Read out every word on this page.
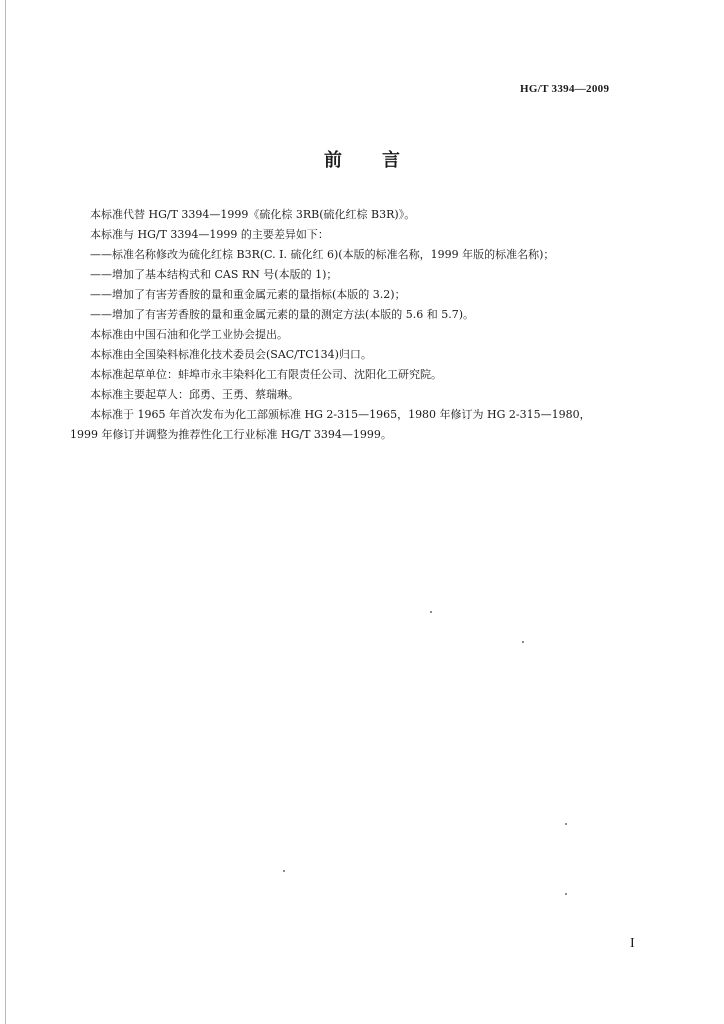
HG/T 3394—2009
前言
本标准代替 HG/T 3394—1999《硫化棕 3RB(硫化红棕 B3R)》。
本标准与 HG/T 3394—1999 的主要差异如下：
——标准名称修改为硫化红棕 B3R(C. I. 硫化红 6)(本版的标准名称，1999 年版的标准名称)；
——增加了基本结构式和 CAS RN 号(本版的 1)；
——增加了有害芳香胺的量和重金属元素的量指标(本版的 3.2)；
——增加了有害芳香胺的量和重金属元素的量的测定方法(本版的 5.6 和 5.7)。
本标准由中国石油和化学工业协会提出。
本标准由全国染料标准化技术委员会(SAC/TC134)归口。
本标准起草单位：蚌埠市永丰染料化工有限责任公司、沈阳化工研究院。
本标准主要起草人：邱勇、王勇、蔡瑞琳。
本标准于 1965 年首次发布为化工部颁标准 HG 2-315—1965，1980 年修订为 HG 2-315—1980，
1999 年修订并调整为推荐性化工行业标准 HG/T 3394—1999。
I
